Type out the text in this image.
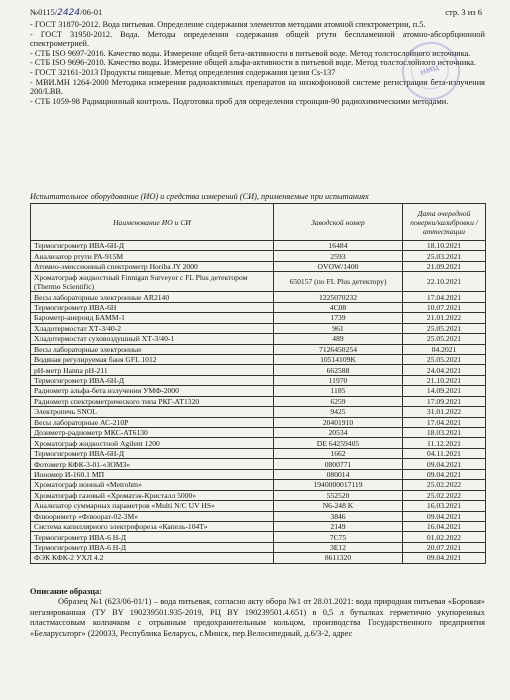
№0115/2424/06-01	стр. 3 из 6

- ГОСТ 31870-2012. Вода питьевая. Определение содержания элементов методами атомной спектрометрии, п.5.

- ГОСТ 31950-2012. Вода. Методы определения содержания общей ртути беспламенной атомно-абсорбционной спектрометрией.

- СТБ ISO 9697-2016. Качество воды. Измерение общей бета-активности в питьевой воде. Метод толстослойного источника.

- СТБ ISO 9696-2010. Качество воды. Измерение общей альфа-активности в питьевой воде. Метод толстослойного источника.

- ГОСТ 32161-2013 Продукты пищевые. Метод определения содержания цезия Cs-137

- МВИ.МН 1264-2000 Методика измерения радиоактивных препаратов на низкофоновой системе регистрации бета-излучения 200/LBB.

- СТБ 1059-98 Радиационный контроль. Подготовка проб для определения стронция-90 радиохимическими методами.

НМЦ
Испытательное оборудование (ИО) и средства измерений (СИ), применяемые при испытаниях
Наименование ИО и СИ	Заводской номер	Дата очередной поверки/калибровки /аттестации
Термогигрометр ИВА-6Н-Д	16484	18.10.2021
Анализатор ртути РА-915М	2593	25.03.2021
Атомно-эмиссионный спектрометр Horiba JY 2000	OVOW/1400	21.09.2021
Хроматограф жидкостный Finnigan Surveyor с FL Plus детектором (Thermo Scientific)	650157 (по FL Plus детектору)	22.10.2021
Весы лабораторные электронные AR2140	1225070232	17.04.2021
Термогигрометр ИВА-6Н	4C08	10.07.2021
Барометр-анероид БАММ-1	1739	21.01.2022
Хладотермостат ХТ-3/40-2	961	25.05.2021
Хладотермостат суховоздушный ХТ-3/40-1	489	25.05.2021
Весы лабораторные электронные	7126450254	04.2021
Водяная регулируемая баня GFL 1012	10514109K	25.05.2021
pH-метр Hanna pH-211	662588	24.04.2021
Термогигрометр ИВА-6Н-Д	11970	21.10.2021
Радиометр альфа-бета излучения УМФ-2000	1185	14.09.2021
Радиометр спектрометрического типа РКГ-АТ1320	6259	17.09.2021
Электропечь SNOL	9425	31.01.2022
Весы лабораторные АС-210Р	20401910	17.04.2021
Дозиметр-радиометр МКС-АТ6130	20534	18.03.2021
Хроматограф жидкостной Agilent 1200	DE 64259405	11.12.2021
Термогигрометр ИВА-6Н-Д	1662	04.11.2021
Фотометр КФК-3-01-«ЗОМЗ»	0800771	09.04.2021
Иономер И-160.1 МП	080014	09.04.2021
Хроматограф ионный «Metrohm»	1940000017119	25.02.2022
Хроматограф газовый «Хроматэк-Кристалл 5000»	552520	25.02.2022
Анализатор суммарных параметров «Multi N/C UV HS»	N6-248 K	16.03.2021
Флюориметр «Флюорат-02-3М»	3846	09.04.2021
Система капиллярного электрофореза «Капель-104Т»	2149	16.04.2021
Термогигрометр ИВА-6 Н-Д	7С75	01.02.2022
Термогигрометр ИВА-6 Н-Д	3Е12	20.07.2021
ФЭК КФК-2 УХЛ 4.2	8611320	09.04.2021

Описание образца:

Образец №1 (623/06-01/1) – вода питьевая, согласно акту обора №1 от 28.01.2021: вода природная питьевая «Боровая» негазированная (ТУ BY 190239501.935-2019, РЦ BY 190239501.4.651) в 0,5 л бутылках герметично укупоренных пластмассовым колпачком с отрывным предохранительным кольцом, производства Государственного предприятия «Белаpусьторг» (220033, Республика Беларусь, г.Минск, пер.Велосипедный, д.6/3-2, адрес
